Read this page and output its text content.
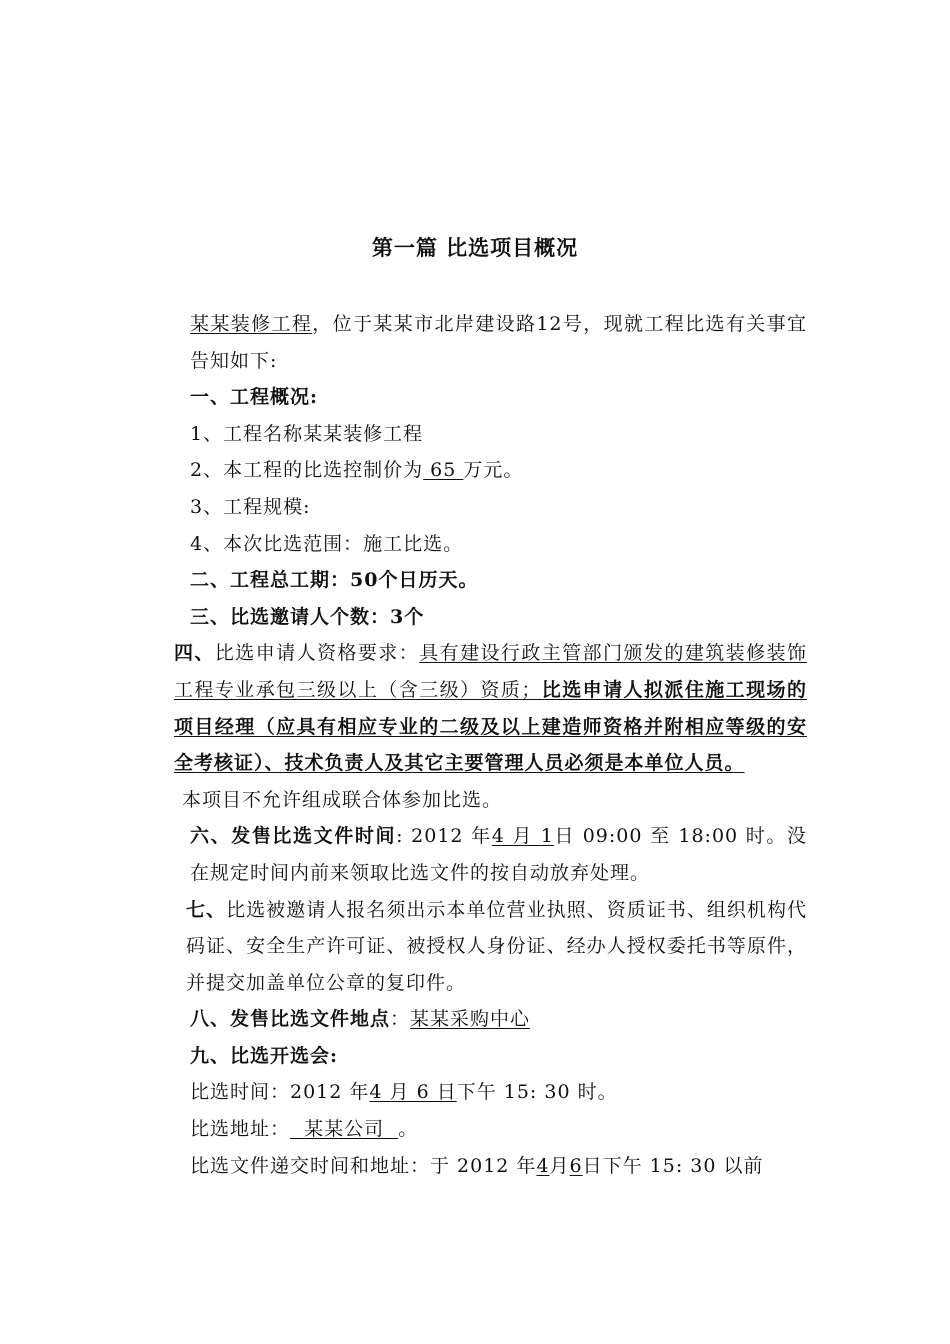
第一篇 比选项目概况

某某装修工程，位于某某市北岸建设路12号，现就工程比选有关事宜告知如下:

一、工程概况:

1、工程名称某某装修工程

2、本工程的比选控制价为 65 万元。

3、工程规模:

4、本次比选范围：施工比选。

二、工程总工期：50个日历天。

三、比选邀请人个数：3个

四、比选申请人资格要求：具有建设行政主管部门颁发的建筑装修装饰工程专业承包三级以上（含三级）资质；比选申请人拟派住施工现场的项目经理（应具有相应专业的二级及以上建造师资格并附相应等级的安全考核证）、技术负责人及其它主要管理人员必须是本单位人员。

本项目不允许组成联合体参加比选。

六、发售比选文件时间: 2012 年4 月 1日 09:00 至 18:00 时。没在规定时间内前来领取比选文件的按自动放弃处理。

七、比选被邀请人报名须出示本单位营业执照、资质证书、组织机构代码证、安全生产许可证、被授权人身份证、经办人授权委托书等原件，并提交加盖单位公章的复印件。

八、发售比选文件地点：某某采购中心

九、比选开选会:

比选时间：2012 年4 月 6 日下午 15: 30 时。

比选地址：  某某公司  。

比选文件递交时间和地址：于 2012 年4月6日下午 15: 30 以前
